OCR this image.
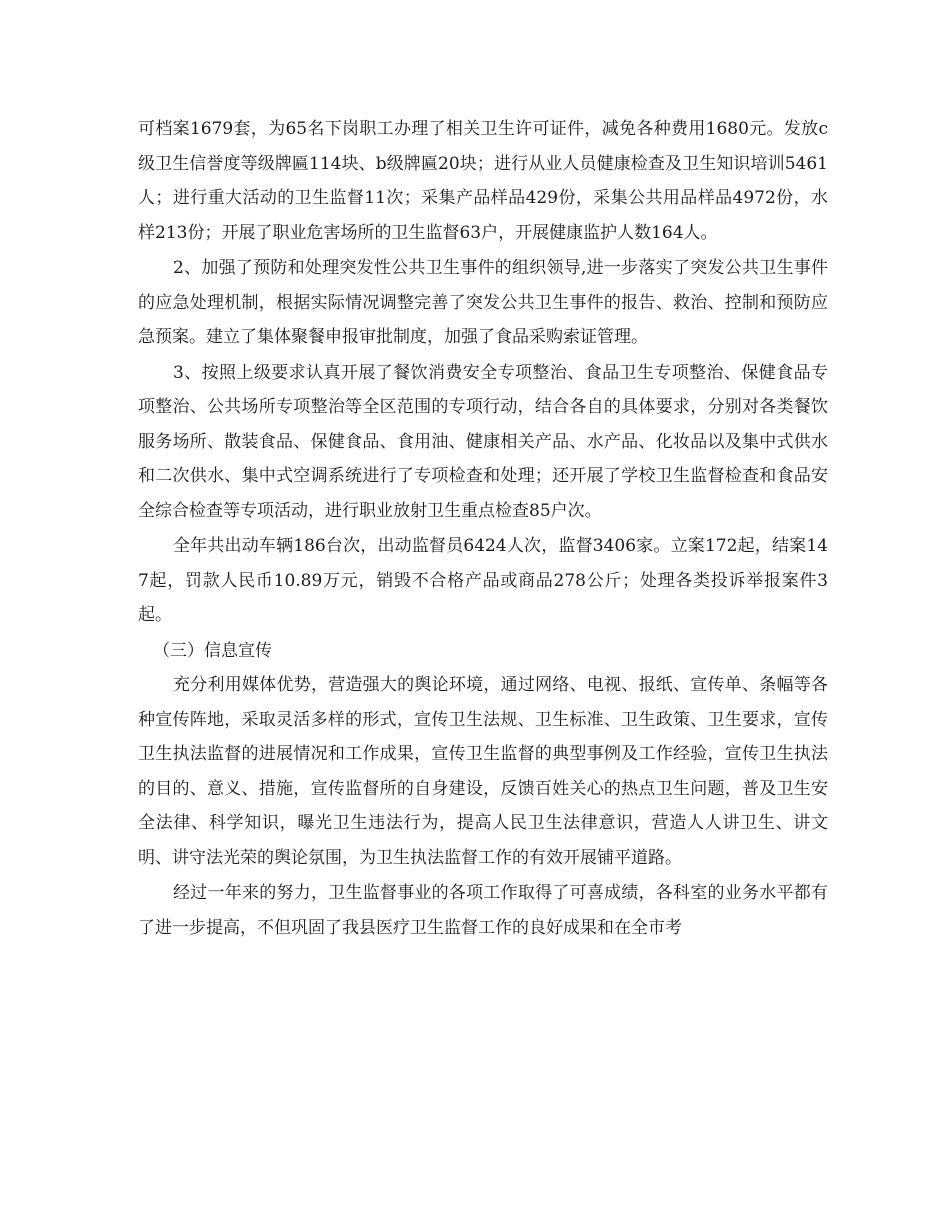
可档案1679套，为65名下岗职工办理了相关卫生许可证件，减免各种费用1680元。发放c级卫生信誉度等级牌匾114块、b级牌匾20块；进行从业人员健康检查及卫生知识培训5461人；进行重大活动的卫生监督11次；采集产品样品429份，采集公共用品样品4972份，水样213份；开展了职业危害场所的卫生监督63户，开展健康监护人数164人。

2、加强了预防和处理突发性公共卫生事件的组织领导,进一步落实了突发公共卫生事件的应急处理机制，根据实际情况调整完善了突发公共卫生事件的报告、救治、控制和预防应急预案。建立了集体聚餐申报审批制度，加强了食品采购索证管理。

3、按照上级要求认真开展了餐饮消费安全专项整治、食品卫生专项整治、保健食品专项整治、公共场所专项整治等全区范围的专项行动，结合各自的具体要求，分别对各类餐饮服务场所、散装食品、保健食品、食用油、健康相关产品、水产品、化妆品以及集中式供水和二次供水、集中式空调系统进行了专项检查和处理；还开展了学校卫生监督检查和食品安全综合检查等专项活动，进行职业放射卫生重点检查85户次。

全年共出动车辆186台次，出动监督员6424人次，监督3406家。立案172起，结案147起，罚款人民币10.89万元，销毁不合格产品或商品278公斤；处理各类投诉举报案件3起。

（三）信息宣传

充分利用媒体优势，营造强大的舆论环境，通过网络、电视、报纸、宣传单、条幅等各种宣传阵地，采取灵活多样的形式，宣传卫生法规、卫生标准、卫生政策、卫生要求，宣传卫生执法监督的进展情况和工作成果，宣传卫生监督的典型事例及工作经验，宣传卫生执法的目的、意义、措施，宣传监督所的自身建设，反馈百姓关心的热点卫生问题，普及卫生安全法律、科学知识，曝光卫生违法行为，提高人民卫生法律意识，营造人人讲卫生、讲文明、讲守法光荣的舆论氛围，为卫生执法监督工作的有效开展铺平道路。

经过一年来的努力，卫生监督事业的各项工作取得了可喜成绩，各科室的业务水平都有了进一步提高，不但巩固了我县医疗卫生监督工作的良好成果和在全市考
